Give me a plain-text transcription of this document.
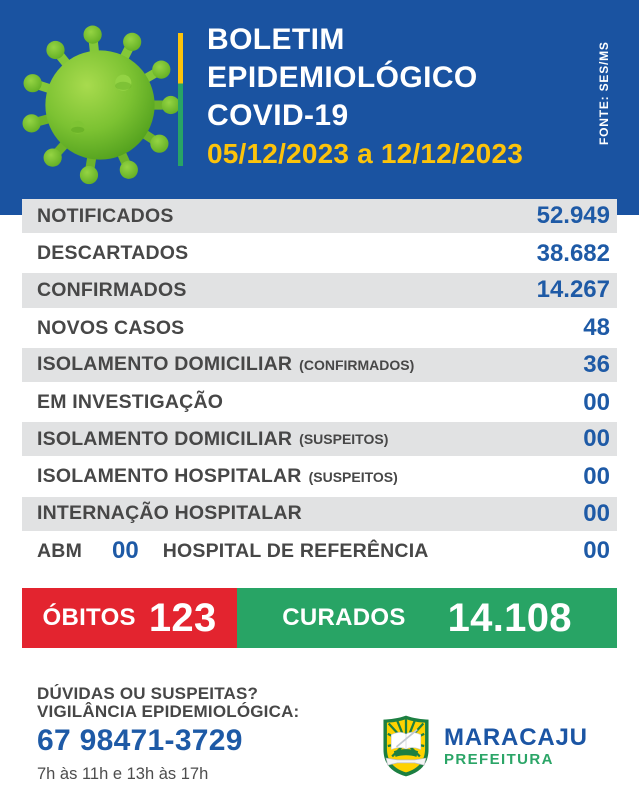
BOLETIM
EPIDEMIOLÓGICO
COVID-19
05/12/2023 a 12/12/2023
FONTE: SES/MS
NOTIFICADOS	52.949
DESCARTADOS	38.682
CONFIRMADOS	14.267
NOVOS CASOS	48
ISOLAMENTO DOMICILIAR (CONFIRMADOS)	36
EM INVESTIGAÇÃO	00
ISOLAMENTO DOMICILIAR (SUSPEITOS)	00
ISOLAMENTO HOSPITALAR (SUSPEITOS)	00
INTERNAÇÃO HOSPITALAR	00
ABM 00 HOSPITAL DE REFERÊNCIA	00
ÓBITOS 123	CURADOS 14.108
DÚVIDAS OU SUSPEITAS?
VIGILÂNCIA EPIDEMIOLÓGICA:
67 98471-3729
7h às 11h e 13h às 17h
MARACAJU
PREFEITURA
